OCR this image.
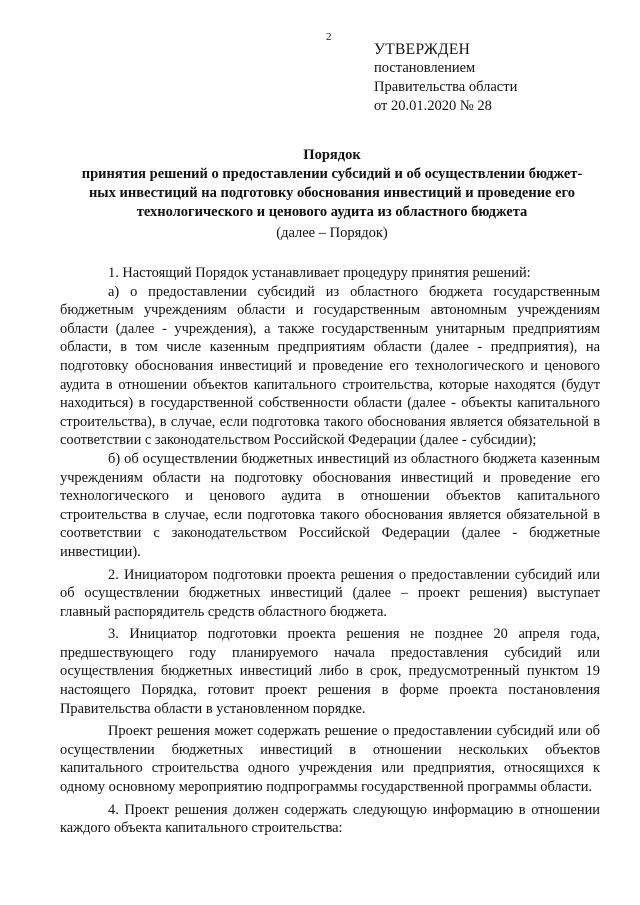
2
УТВЕРЖДЕН
постановлением
Правительства области
от 20.01.2020 № 28
Порядок
принятия решений о предоставлении субсидий и об осуществлении бюджет-
ных инвестиций на подготовку обоснования инвестиций и проведение его
технологического и ценового аудита из областного бюджета
(далее – Порядок)

1. Настоящий Порядок устанавливает процедуру принятия решений:

а) о предоставлении субсидий из областного бюджета государственным бюджетным учреждениям области и государственным автономным учреждениям области (далее - учреждения), а также государственным унитарным предприятиям области, в том числе казенным предприятиям области (далее - предприятия), на подготовку обоснования инвестиций и проведение его технологического и ценового аудита в отношении объектов капитального строительства, которые находятся (будут находиться) в государственной собственности области (далее - объекты капитального строительства), в случае, если подготовка такого обоснования является обязательной в соответствии с законодательством Российской Федерации (далее - субсидии);

б) об осуществлении бюджетных инвестиций из областного бюджета казенным учреждениям области на подготовку обоснования инвестиций и проведение его технологического и ценового аудита в отношении объектов капитального строительства в случае, если подготовка такого обоснования является обязательной в соответствии с законодательством Российской Федерации (далее - бюджетные инвестиции).

2. Инициатором подготовки проекта решения о предоставлении субсидий или об осуществлении бюджетных инвестиций (далее – проект решения) выступает главный распорядитель средств областного бюджета.

3. Инициатор подготовки проекта решения не позднее 20 апреля года, предшествующего году планируемого начала предоставления субсидий или осуществления бюджетных инвестиций либо в срок, предусмотренный пунктом 19 настоящего Порядка, готовит проект решения в форме проекта постановления Правительства области в установленном порядке.

Проект решения может содержать решение о предоставлении субсидий или об осуществлении бюджетных инвестиций в отношении нескольких объектов капитального строительства одного учреждения или предприятия, относящихся к одному основному мероприятию подпрограммы государственной программы области.

4. Проект решения должен содержать следующую информацию в отношении каждого объекта капитального строительства:
